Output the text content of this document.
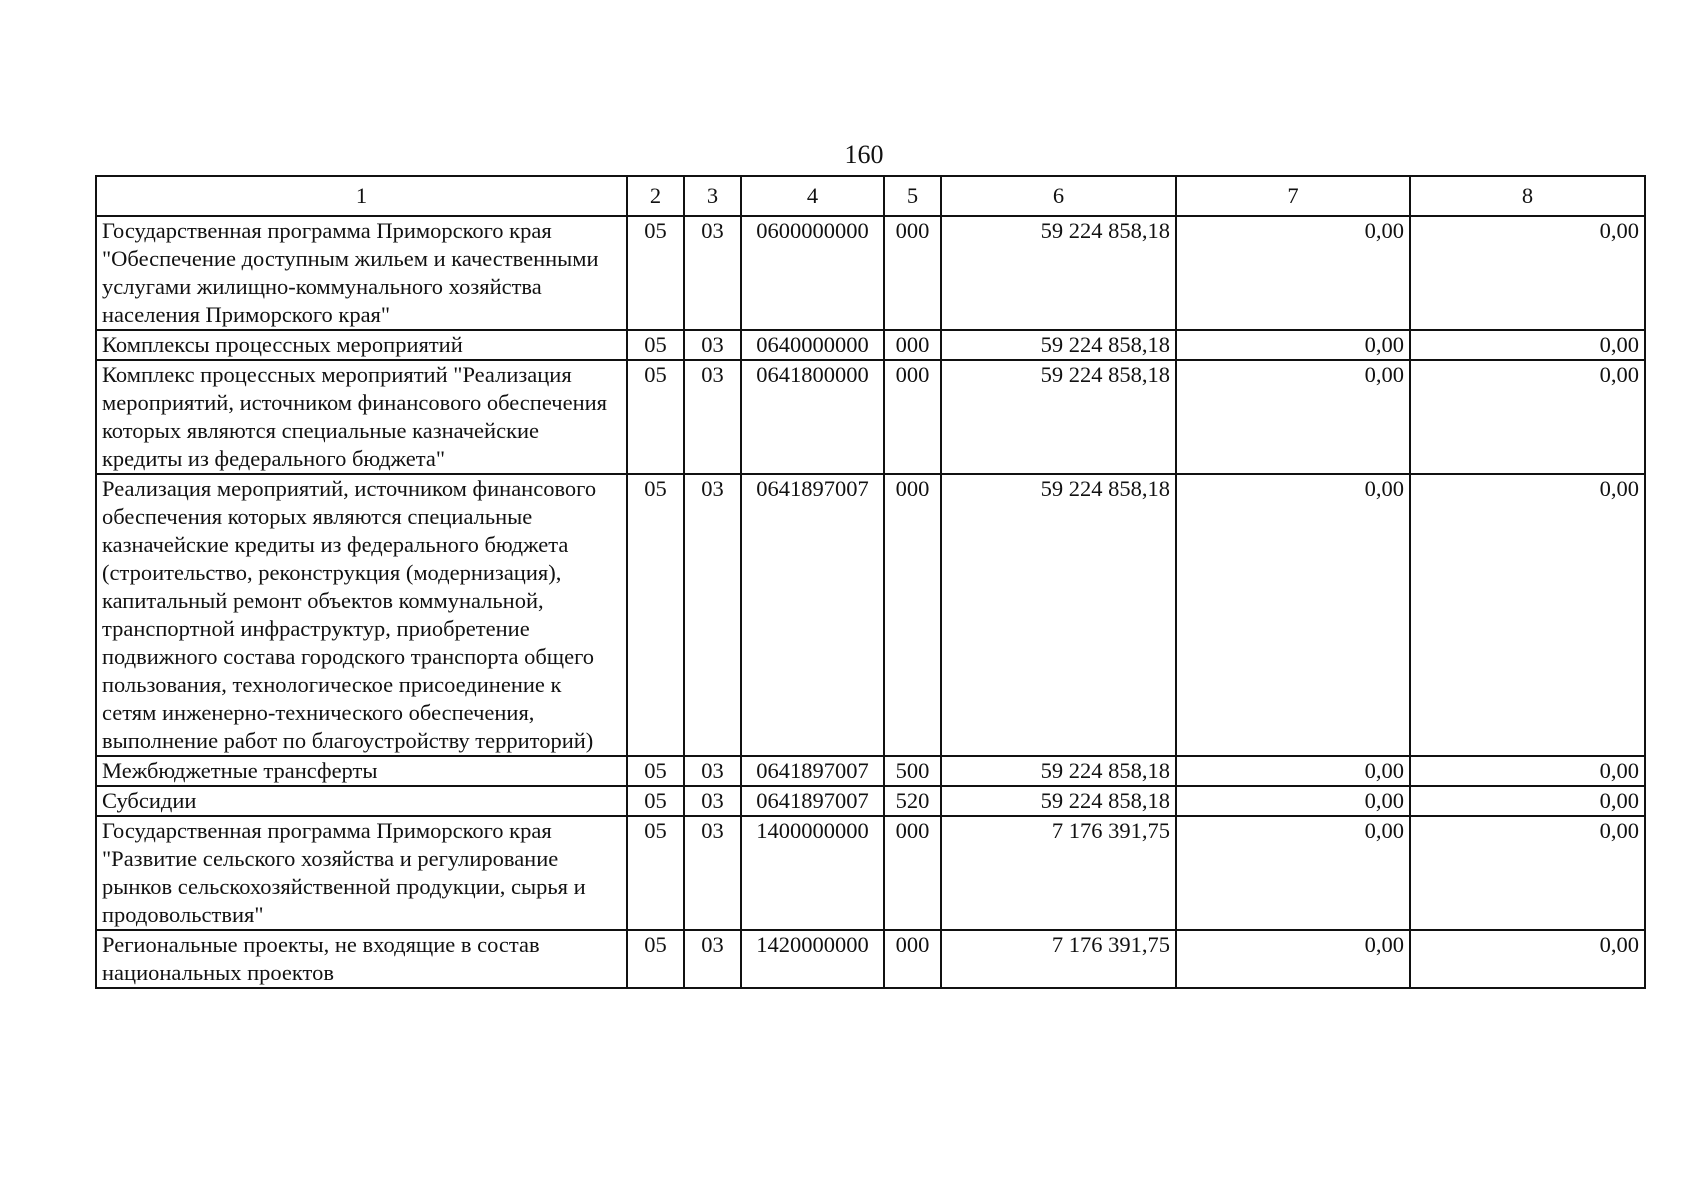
160
1	2	3	4	5	6	7	8
Государственная программа Приморского края "Обеспечение доступным жильем и качественными услугами жилищно-коммунального хозяйства населения Приморского края"	05	03	0600000000	000	59 224 858,18	0,00	0,00
Комплексы процессных мероприятий	05	03	0640000000	000	59 224 858,18	0,00	0,00
Комплекс процессных мероприятий "Реализация мероприятий, источником финансового обеспечения которых являются специальные казначейские кредиты из федерального бюджета"	05	03	0641800000	000	59 224 858,18	0,00	0,00
Реализация мероприятий, источником финансового обеспечения которых являются специальные казначейские кредиты из федерального бюджета (строительство, реконструкция (модернизация), капитальный ремонт объектов коммунальной, транспортной инфраструктур, приобретение подвижного состава городского транспорта общего пользования, технологическое присоединение к сетям инженерно-технического обеспечения, выполнение работ по благоустройству территорий)	05	03	0641897007	000	59 224 858,18	0,00	0,00
Межбюджетные трансферты	05	03	0641897007	500	59 224 858,18	0,00	0,00
Субсидии	05	03	0641897007	520	59 224 858,18	0,00	0,00
Государственная программа Приморского края "Развитие сельского хозяйства и регулирование рынков сельскохозяйственной продукции, сырья и продовольствия"	05	03	1400000000	000	7 176 391,75	0,00	0,00
Региональные проекты, не входящие в состав национальных проектов	05	03	1420000000	000	7 176 391,75	0,00	0,00
